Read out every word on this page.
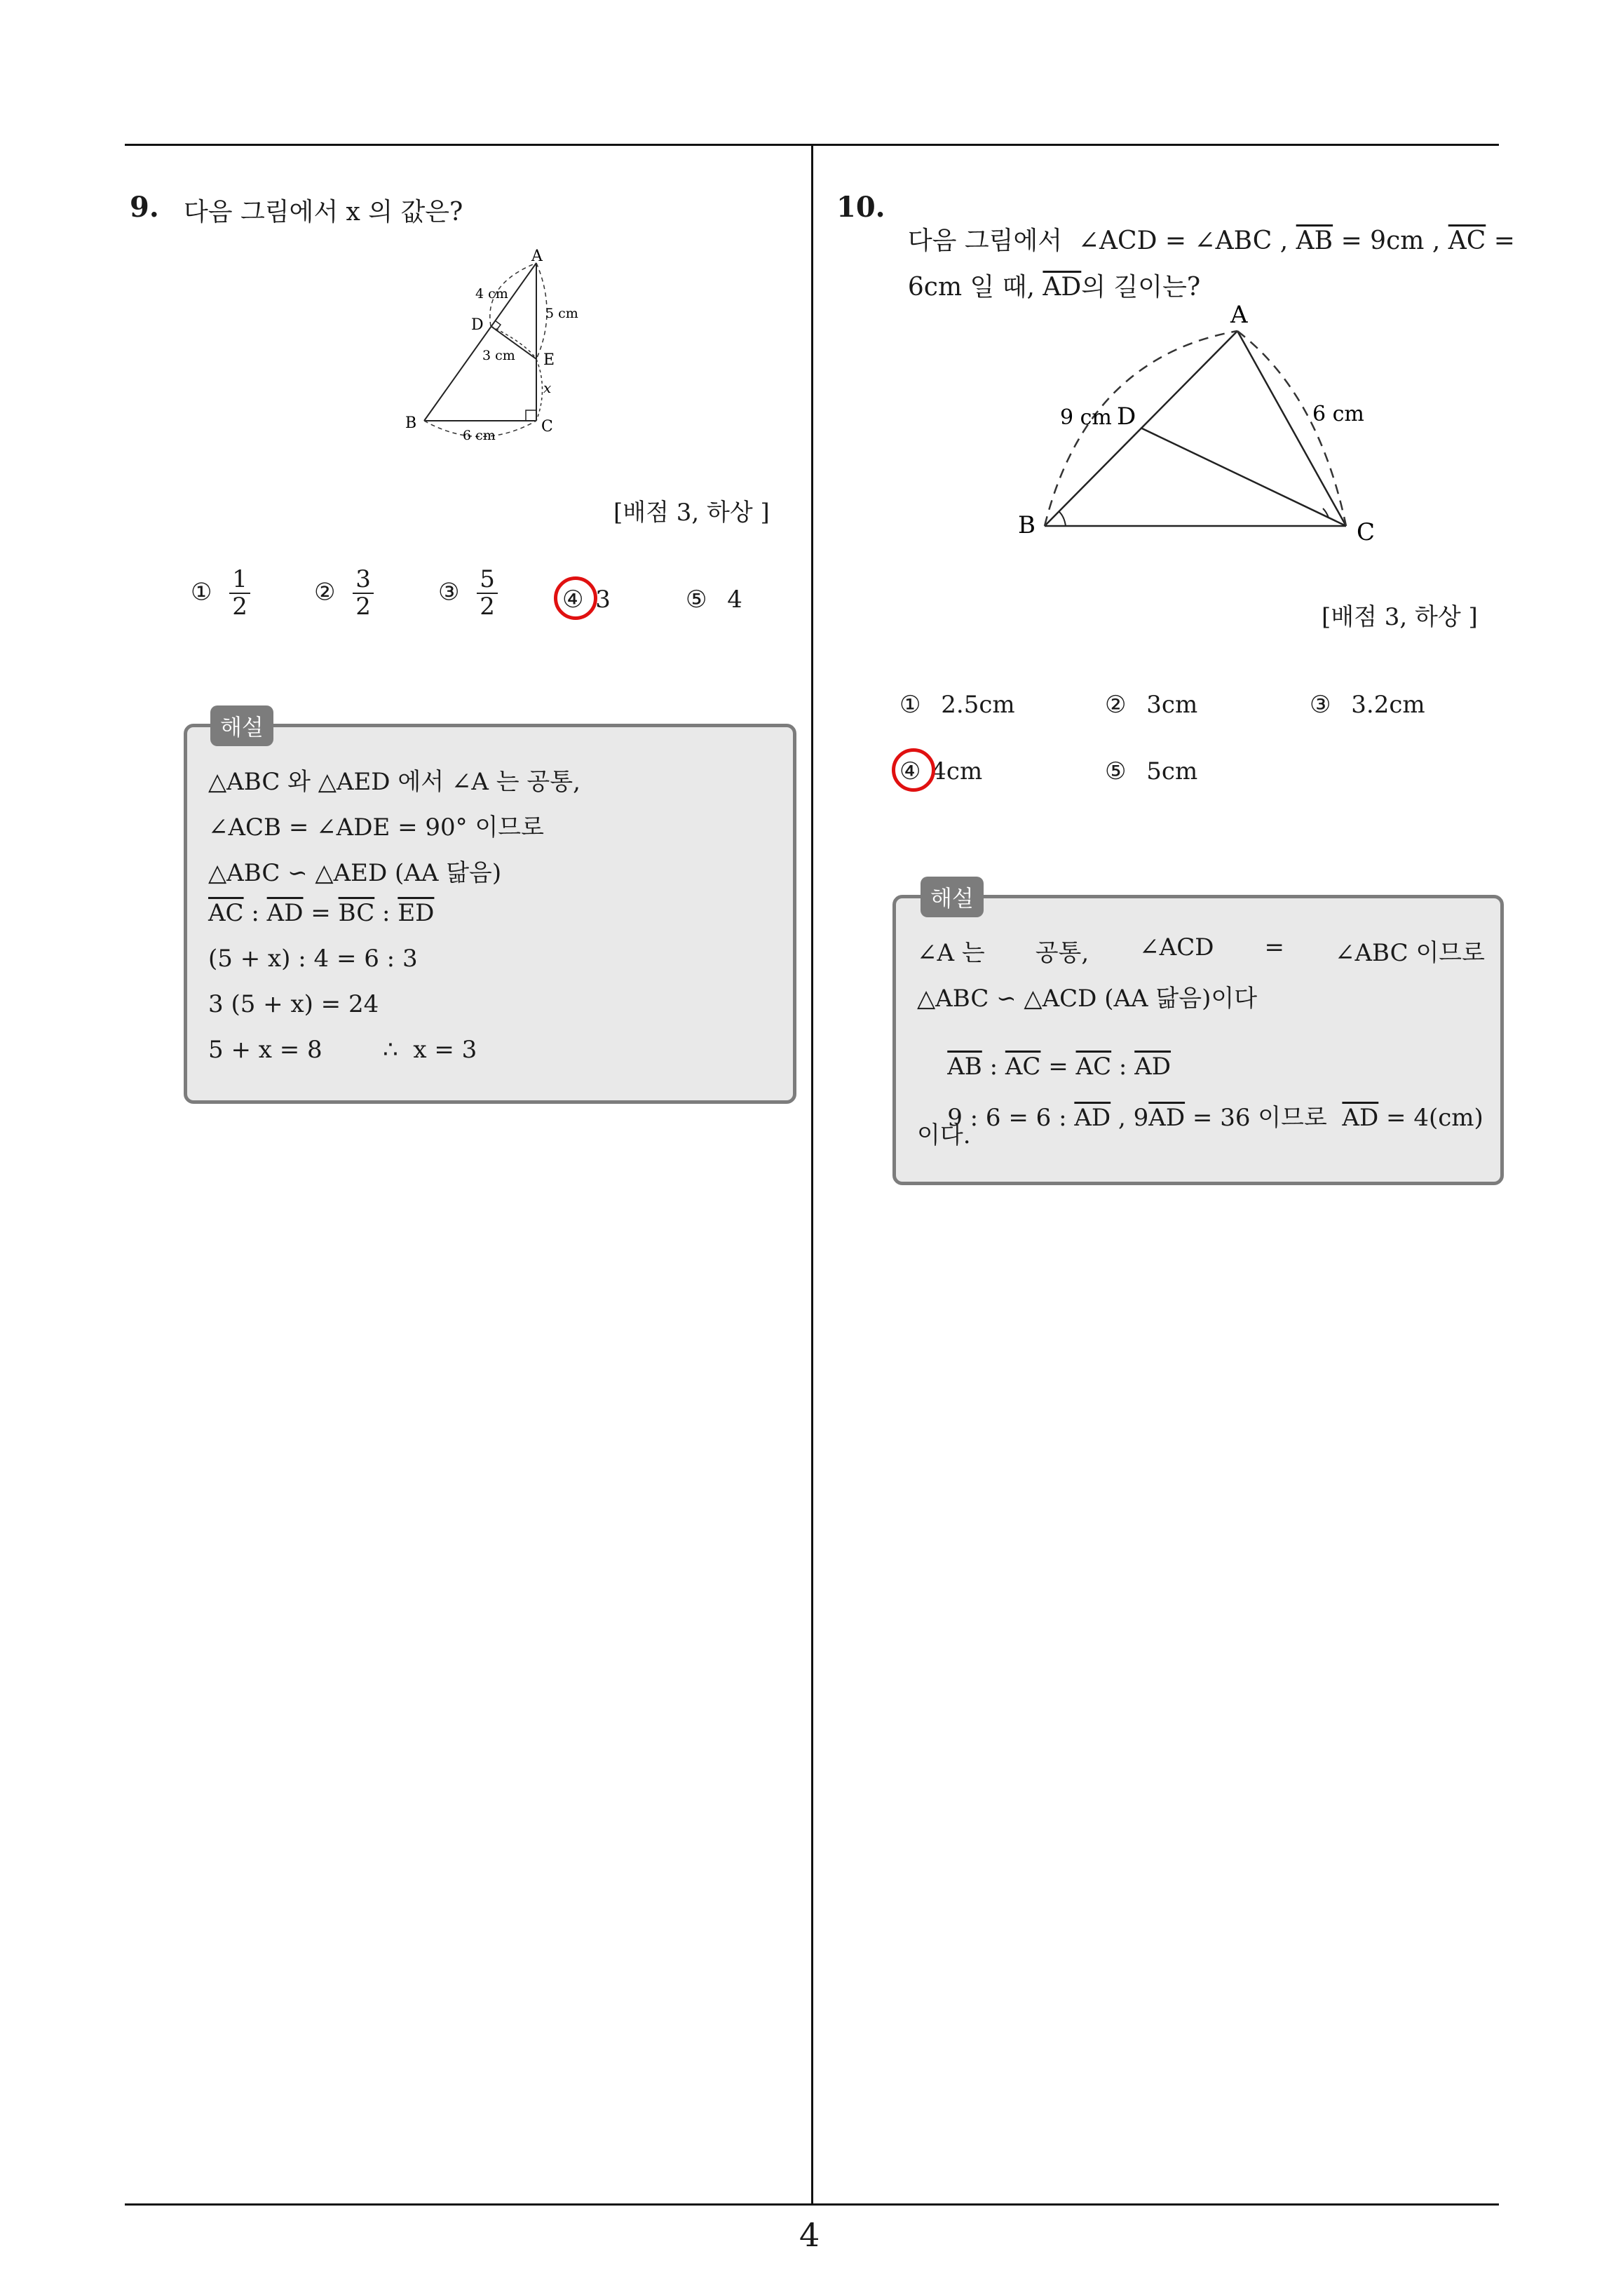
4
9. 다음 그림에서 x 의 값은?
A
B	C
D
E
x
4 cm
5 cm
3 cm
6 cm
[배점 3, 하상 ]
① $\frac{1}{2}$	② $\frac{3}{2}$	③ $\frac{5}{2}$	④ 3	⑤ 4
△ABC 와 △AED 에서 ∠A 는 공통,
∠ACB = ∠ADE = 90° 이므로
△ABC ∽ △AED (AA 닮음)
$\overline{AC}$ : $\overline{AD} = \overline{BC}$ : $\overline{ED}$
(5 + x) : 4 = 6 : 3
3 (5 + x) = 24
5 + x = 8        ∴  x = 3
해설
10.

다음 그림에서  ∠ACD = ∠ABC , $\overline{AB} = 9cm$ , $\overline{AC}$ =

6cm 일 때, $\overline{AD}$의 길이는?

A
B	C
D
9 cm	6 cm
[배점 3, 하상 ]
① 2.5cm	② 3cm	③ 3.2cm
④ 4cm	⑤ 5cm
∠A 는 공통, ∠ACD = ∠ABC 이므로
△ABC ∽ △ACD (AA 닮음)이다

$\overline{AB}$ : $\overline{AC} = \overline{AC}$ : $\overline{AD}$

9 : 6 = 6 : $\overline{AD}$ , $9\overline{AD} = 36$ 이므로  $\overline{AD} = 4(cm)$

이다.
해설
